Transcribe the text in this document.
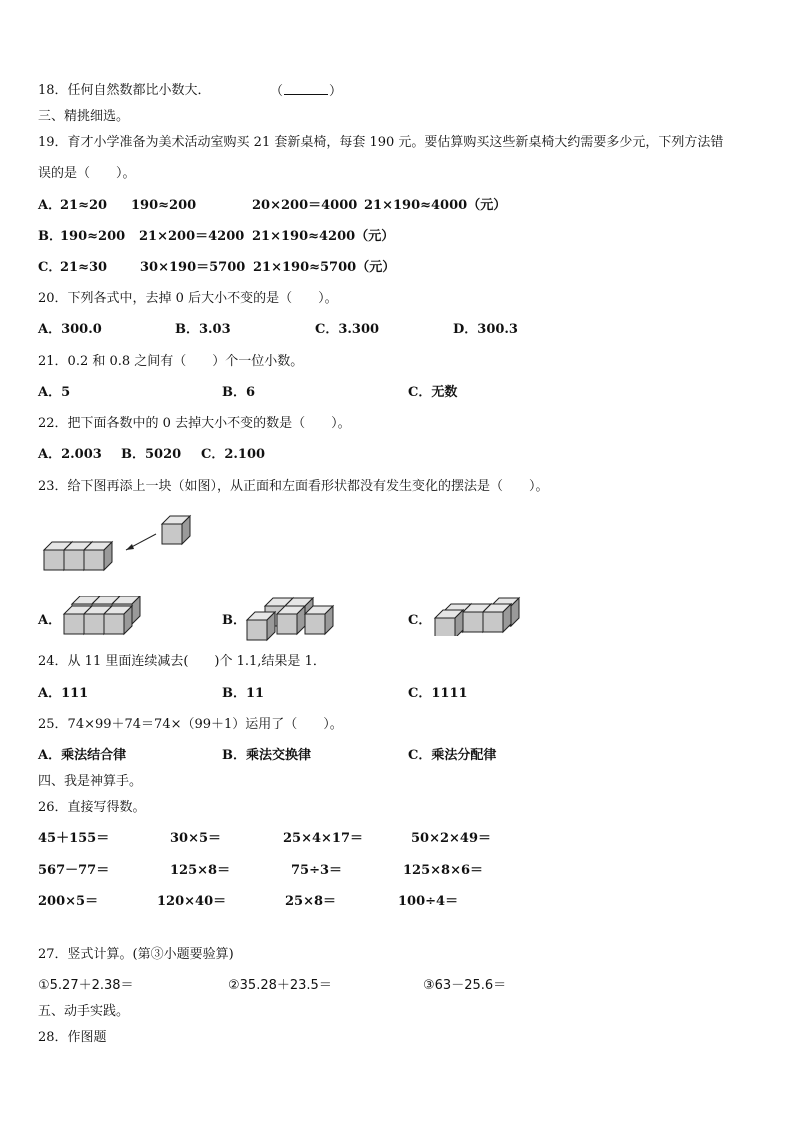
18．任何自然数都比小数大．	（	）
三、精挑细选。
19．育才小学准备为美术活动室购买 21 套新桌椅，每套 190 元。要估算购买这些新桌椅大约需要多少元，下列方法错
误的是（　　）。
A．
21≈20 190≈200	20×200＝4000 21×190≈4000（元）
B．
190≈200 21×200＝4200 21×190≈4200（元）
C．
21≈30	30×190＝5700 21×190≈5700（元）
20．下列各式中，去掉 0 后大小不变的是（　　）。
A．300.0	B．3.03	C．3.300	D．300.3
21．0.2 和 0.8 之间有（　　）个一位小数。
A．5	B．6	C．无数
22．把下面各数中的 0 去掉大小不变的数是（　　）。
A．2.003 B．5020 C．2.100
23．给下图再添上一块（如图），从正面和左面看形状都没有发生变化的摆法是（　　）。
A．	B．	C．
24．从 11 里面连续减去(　　)个 1.1,结果是 1．
A．111	B．11	C．1111
25．74×99＋74＝74×（99＋1）运用了（　　）。
A．乘法结合律	B．乘法交换律	C．乘法分配律
四、我是神算手。
26．直接写得数。
45＋155＝	30×5＝	25×4×17＝	50×2×49＝
567－77＝	125×8＝	75÷3＝	125×8×6＝
200×5＝	120×40＝	25×8＝	100÷4＝
27．竖式计算。(第③小题要验算)
①5.27＋2.38＝	②35.28＋23.5＝	③63－25.6＝
五、动手实践。
28．作图题
